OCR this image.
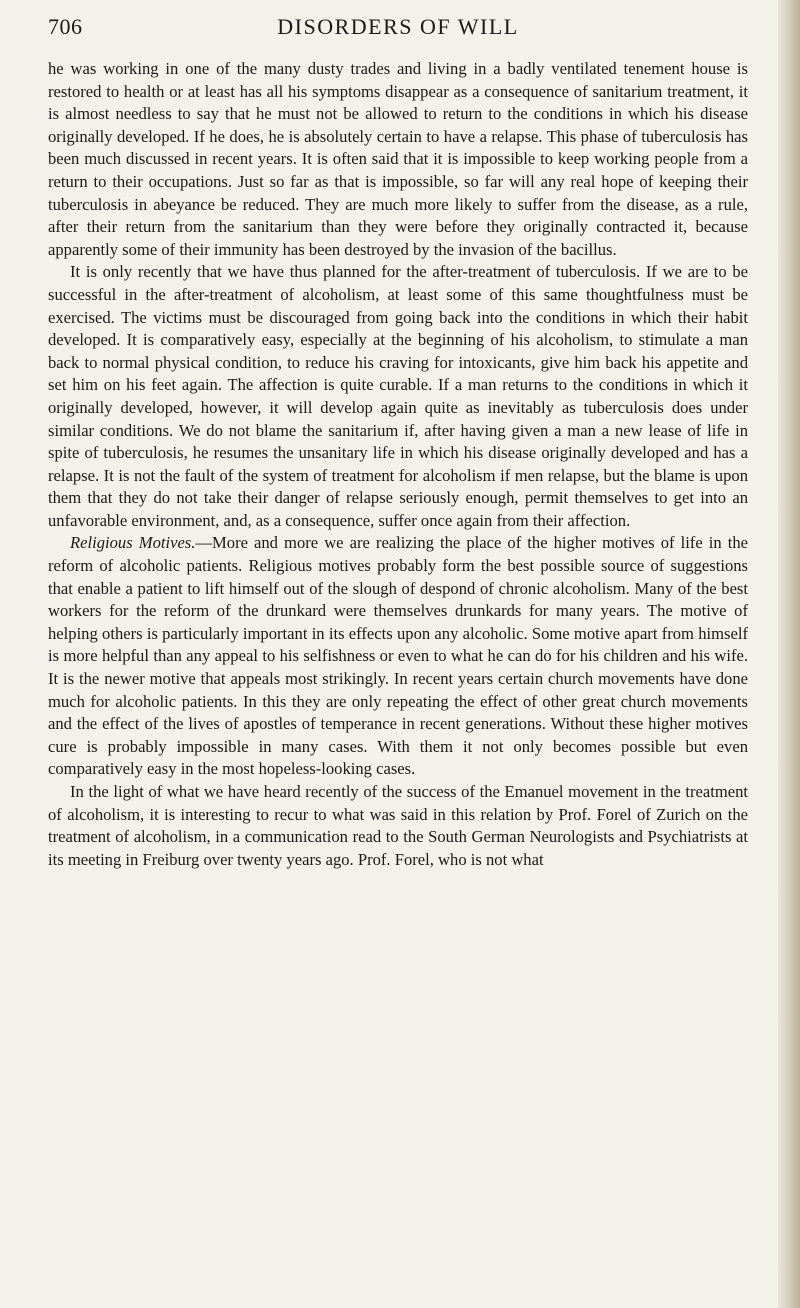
706	DISORDERS OF WILL

he was working in one of the many dusty trades and living in a badly ventilated tenement house is restored to health or at least has all his symptoms disappear as a consequence of sanitarium treatment, it is almost needless to say that he must not be allowed to return to the conditions in which his disease originally developed. If he does, he is absolutely certain to have a relapse. This phase of tuberculosis has been much discussed in recent years. It is often said that it is impossible to keep working people from a return to their occupations. Just so far as that is impossible, so far will any real hope of keeping their tuberculosis in abeyance be reduced. They are much more likely to suffer from the disease, as a rule, after their return from the sanitarium than they were before they originally contracted it, because apparently some of their immunity has been destroyed by the invasion of the bacillus.

It is only recently that we have thus planned for the after-treatment of tuberculosis. If we are to be successful in the after-treatment of alcoholism, at least some of this same thoughtfulness must be exercised. The victims must be discouraged from going back into the conditions in which their habit developed. It is comparatively easy, especially at the beginning of his alcoholism, to stimulate a man back to normal physical condition, to reduce his craving for intoxicants, give him back his appetite and set him on his feet again. The affection is quite curable. If a man returns to the conditions in which it originally developed, however, it will develop again quite as inevitably as tuberculosis does under similar conditions. We do not blame the sanitarium if, after having given a man a new lease of life in spite of tuberculosis, he resumes the unsanitary life in which his disease originally developed and has a relapse. It is not the fault of the system of treatment for alcoholism if men relapse, but the blame is upon them that they do not take their danger of relapse seriously enough, permit themselves to get into an unfavorable environment, and, as a consequence, suffer once again from their affection.

Religious Motives.—More and more we are realizing the place of the higher motives of life in the reform of alcoholic patients. Religious motives probably form the best possible source of suggestions that enable a patient to lift himself out of the slough of despond of chronic alcoholism. Many of the best workers for the reform of the drunkard were themselves drunkards for many years. The motive of helping others is particularly important in its effects upon any alcoholic. Some motive apart from himself is more helpful than any appeal to his selfishness or even to what he can do for his children and his wife. It is the newer motive that appeals most strikingly. In recent years certain church movements have done much for alcoholic patients. In this they are only repeating the effect of other great church movements and the effect of the lives of apostles of temperance in recent generations. Without these higher motives cure is probably impossible in many cases. With them it not only becomes possible but even comparatively easy in the most hopeless-looking cases.

In the light of what we have heard recently of the success of the Emanuel movement in the treatment of alcoholism, it is interesting to recur to what was said in this relation by Prof. Forel of Zurich on the treatment of alcoholism, in a communication read to the South German Neurologists and Psychiatrists at its meeting in Freiburg over twenty years ago. Prof. Forel, who is not what
